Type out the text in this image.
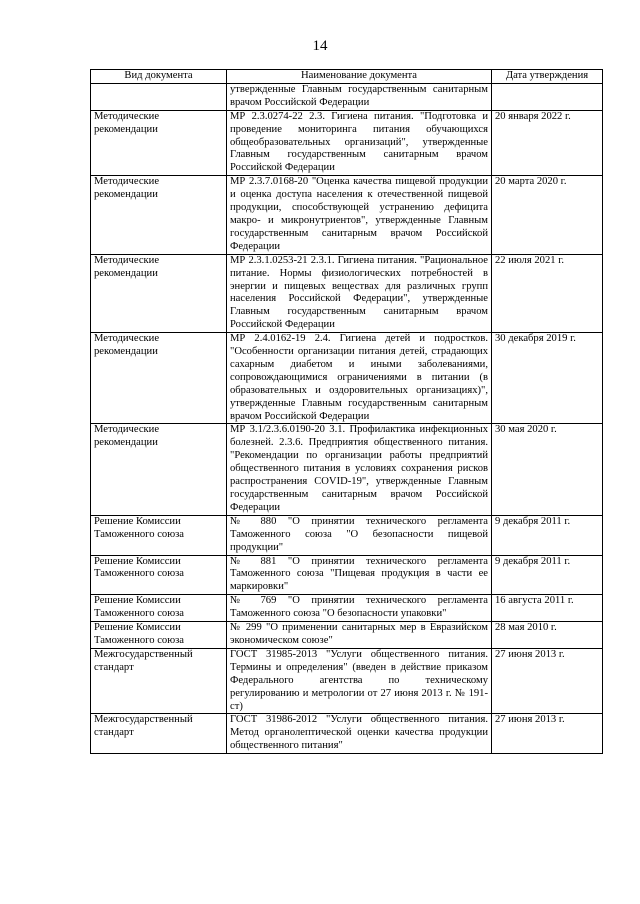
14
Вид документа	Наименование документа	Дата утверждения
	утвержденные Главным государственным санитарным врачом Российской Федерации	
Методические рекомендации	МР 2.3.0274-22 2.3. Гигиена питания. "Подготовка и проведение мониторинга питания обучающихся общеобразовательных организаций", утвержденные Главным государственным санитарным врачом Российской Федерации	20 января 2022 г.
Методические рекомендации	МР 2.3.7.0168-20 "Оценка качества пищевой продукции и оценка доступа населения к отечественной пищевой продукции, способствующей устранению дефицита макро- и микронутриентов", утвержденные Главным государственным санитарным врачом Российской Федерации	20 марта 2020 г.
Методические рекомендации	МР 2.3.1.0253-21 2.3.1. Гигиена питания. "Рациональное питание. Нормы физиологических потребностей в энергии и пищевых веществах для различных групп населения Российской Федерации", утвержденные Главным государственным санитарным врачом Российской Федерации	22 июля 2021 г.
Методические рекомендации	МР 2.4.0162-19 2.4. Гигиена детей и подростков. "Особенности организации питания детей, страдающих сахарным диабетом и иными заболеваниями, сопровождающимися ограничениями в питании (в образовательных и оздоровительных организациях)", утвержденные Главным государственным санитарным врачом Российской Федерации	30 декабря 2019 г.
Методические рекомендации	МР 3.1/2.3.6.0190-20 3.1. Профилактика инфекционных болезней. 2.3.6. Предприятия общественного питания. "Рекомендации по организации работы предприятий общественного питания в условиях сохранения рисков распространения COVID-19", утвержденные Главным государственным санитарным врачом Российской Федерации	30 мая 2020 г.
Решение Комиссии Таможенного союза	№ 880 "О принятии технического регламента Таможенного союза "О безопасности пищевой продукции"	9 декабря 2011 г.
Решение Комиссии Таможенного союза	№ 881 "О принятии технического регламента Таможенного союза "Пищевая продукция в части ее маркировки"	9 декабря 2011 г.
Решение Комиссии Таможенного союза	№ 769 "О принятии технического регламента Таможенного союза "О безопасности упаковки"	16 августа 2011 г.
Решение Комиссии Таможенного союза	№ 299 "О применении санитарных мер в Евразийском экономическом союзе"	28 мая 2010 г.
Межгосударственный стандарт	ГОСТ 31985-2013 "Услуги общественного питания. Термины и определения" (введен в действие приказом Федерального агентства по техническому регулированию и метрологии от 27 июня 2013 г. № 191-ст)	27 июня 2013 г.
Межгосударственный стандарт	ГОСТ 31986-2012 "Услуги общественного питания. Метод органолептической оценки качества продукции общественного питания"	27 июня 2013 г.
